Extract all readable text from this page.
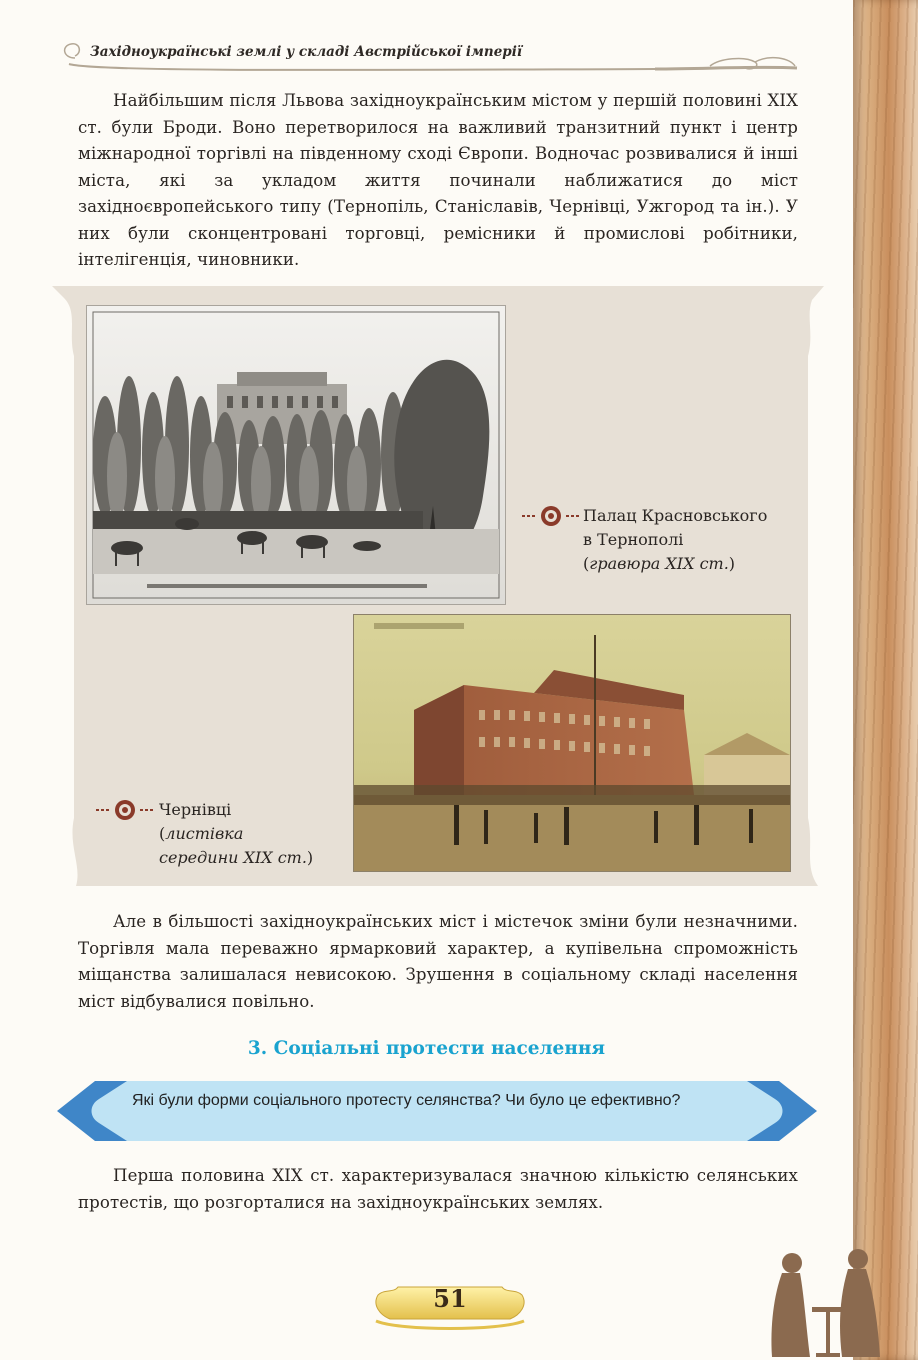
Західноукраїнські землі у складі Австрійської імперії

Найбільшим після Львова західноукраїнським містом у першій половині XIX ст. були Броди. Воно перетворилося на важливий транзитний пункт і центр міжнародної торгівлі на південному сході Європи. Водночас розвивалися й інші міста, які за укладом життя починали наближатися до міст західноєвропейського типу (Тернопіль, Станіславів, Чернівці, Ужгород та ін.). У них були сконцентровані торговці, ремісники й промислові робітники, інтелігенція, чиновники.

Палац Красновського
в Тернополі
(гравюра XIX ст.)
Чернівці
(листівка
середини XIX ст.)

Але в більшості західноукраїнських міст і містечок зміни були незначними. Торгівля мала переважно ярмарковий характер, а купівельна спроможність міщанства залишалася невисокою. Зрушення в соціальному складі населення міст відбувалися повільно.

3. Соціальні протести населення
Які були форми соціального протесту селянства? Чи було це ефективно?

Перша половина XIX ст. характеризувалася значною кількістю селянських протестів, що розгорталися на західноукраїнських землях.

51
